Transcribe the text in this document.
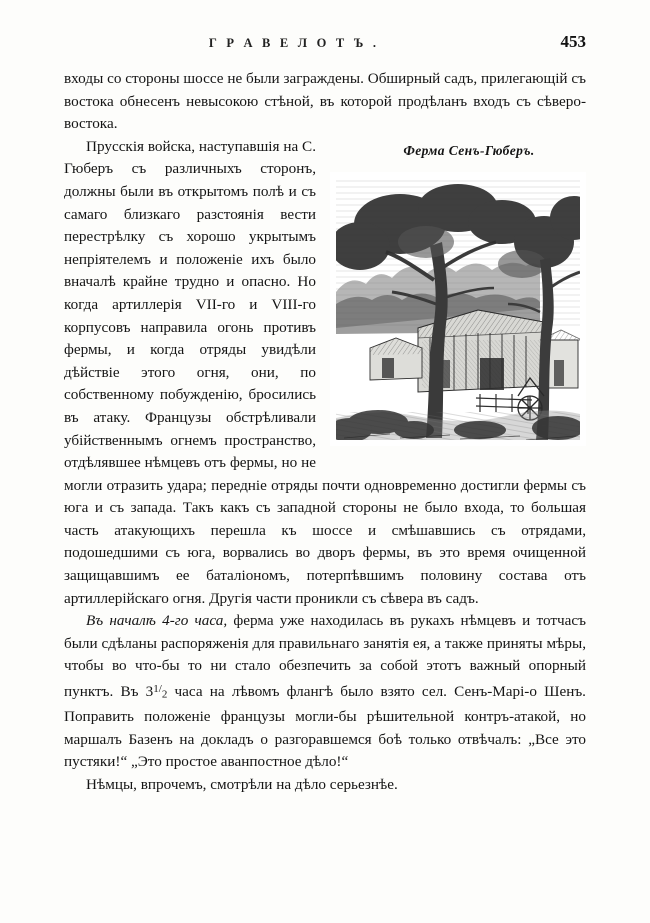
Г Р А В Е Л О Т Ъ .	453

входы со стороны шоссе не были заграждены. Обширный садъ, прилегающiй съ востока обнесенъ невысокою стѣной, въ которой продѣланъ входъ съ сѣверо-востока.

Ферма Сенъ-Гюберъ.
Прусскiя войска, наступавшiя на С. Гюберъ съ различныхъ сторонъ, должны были въ открытомъ полѣ и съ самаго близкаго разстоянiя вести перестрѣлку съ хорошо укрытымъ непрiятелемъ и положенiе ихъ было вначалѣ крайне трудно и опасно. Но когда артиллерiя VII-го и VIII-го корпусовъ направила огонь противъ фермы, и когда отряды увидѣли дѣйствiе этого огня, они, по собственному побужденiю, бросились въ атаку. Французы обстрѣливали убiйственнымъ огнемъ пространство, отдѣлявшее нѣмцевъ отъ фермы, но не могли отразить удара; переднiе отряды почти одновременно достигли фермы съ юга и съ запада. Такъ какъ съ западной стороны не было входа, то большая часть атакующихъ перешла къ шоссе и смѣшавшись съ отрядами, подошедшими съ юга, ворвались во дворъ фермы, въ это время очищенной защищавшимъ ее баталiономъ, потерпѣвшимъ половину состава отъ артиллерiйскаго огня. Другiя части проникли съ сѣвера въ садъ.

Въ началѣ 4-го часа, ферма уже находилась въ рукахъ нѣмцевъ и тотчасъ были сдѣланы распоряженiя для правильнаго занятiя ея, а также приняты мѣры, чтобы во что-бы то ни стало обезпечить за собой этотъ важный опорный пунктъ. Въ $3^{1/}2$ часа на лѣвомъ флангѣ было взято сел. Сенъ-Марi-о Шенъ. Поправить положенiе французы могли-бы рѣшительной контръ-атакой, но маршалъ Базенъ на докладъ о разгоравшемся боѣ только отвѣчалъ: „Все это пустяки!“ „Это простое аванпостное дѣло!“

Нѣмцы, впрочемъ, смотрѣли на дѣло серьезнѣе.
